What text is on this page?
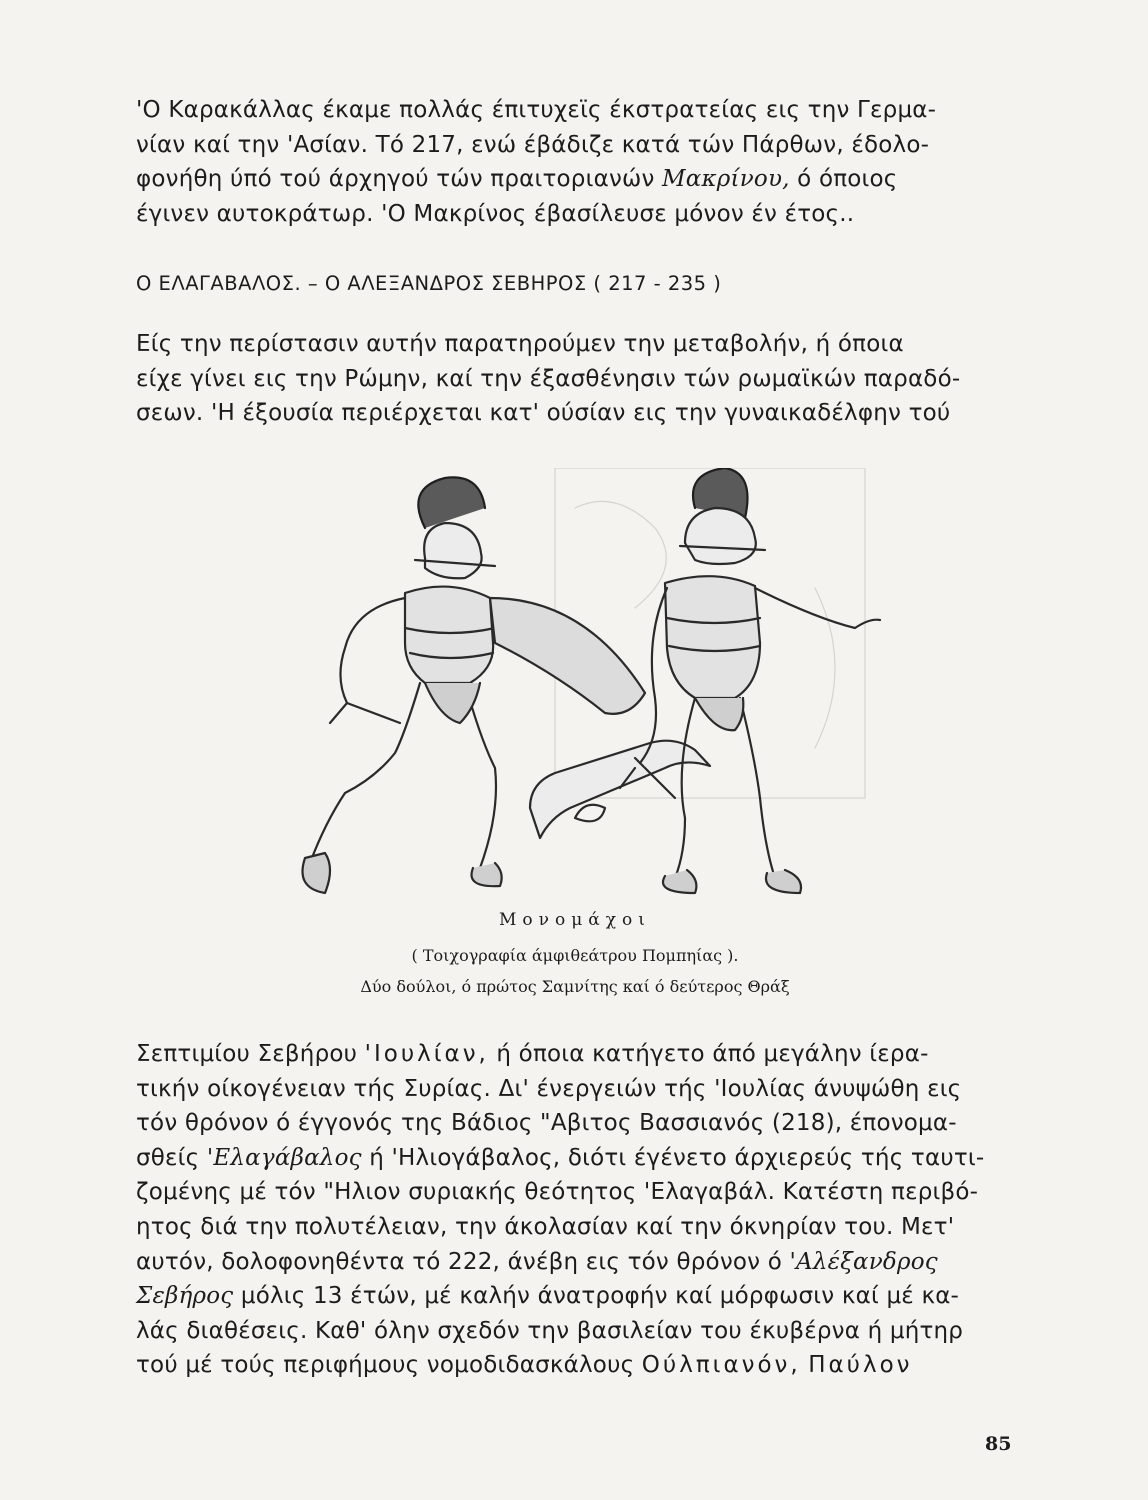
'Ο Καρακάλλας έκαμε πολλάς έπιτυχεϊς έκστρατείας εις την Γερμα-
νίαν καί την 'Ασίαν. Τό 217, ενώ έβάδιζε κατά τών Πάρθων, έδολο-
φονήθη ύπό τού άρχηγού τών πραιτοριανών Μακρίνου, ό όποιος
έγινεν αυτοκράτωρ. 'Ο Μακρίνος έβασίλευσε μόνον έν έτος..

Ο ΕΛΑΓΑΒΑΛΟΣ. – Ο ΑΛΕΞΑΝΔΡΟΣ ΣΕΒΗΡΟΣ ( 217 - 235 )

Είς την περίστασιν αυτήν παρατηρούμεν την μεταβολήν, ή όποια
είχε γίνει εις την Ρώμην, καί την έξασθένησιν τών ρωμαϊκών παραδό-
σεων. 'Η έξουσία περιέρχεται κατ' ούσίαν εις την γυναικαδέλφην τού

Μονομάχοι

( Τοιχογραφία άμφιθεάτρου Πομπηίας ).

Δύο δούλοι, ό πρώτος Σαμνίτης καί ό δεύτερος Θράξ

Σεπτιμίου Σεβήρου 'Ιουλίαν, ή όποια κατήγετο άπό μεγάλην ίερα-
τικήν οίκογένειαν τής Συρίας. Δι' ένεργειών τής 'Ιουλίας άνυψώθη εις
τόν θρόνον ό έγγονός της Βάδιος "Αβιτος Βασσιανός (218), έπονομα-
σθείς 'Ελαγάβαλος ή 'Ηλιογάβαλος, διότι έγένετο άρχιερεύς τής ταυτι-
ζομένης μέ τόν "Ηλιον συριακής θεότητος 'Ελαγαβάλ. Κατέστη περιβό-
ητος διά την πολυτέλειαν, την άκολασίαν καί την όκνηρίαν του. Μετ'
αυτόν, δολοφονηθέντα τό 222, άνέβη εις τόν θρόνον ό 'Αλέξανδρος
Σεβήρος μόλις 13 έτών, μέ καλήν άνατροφήν καί μόρφωσιν καί μέ κα-
λάς διαθέσεις. Καθ' όλην σχεδόν την βασιλείαν του έκυβέρνα ή μήτηρ
τού μέ τούς περιφήμους νομοδιδασκάλους Ούλπιανόν, Παύλον

85
